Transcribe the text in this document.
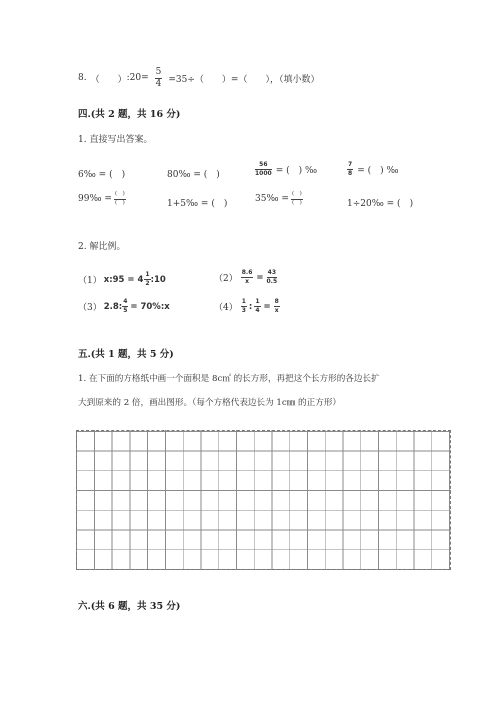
8. （　　） :20= $\frac{5}{4} =35\div$（　　）=（　　），（填小数）
四.(共 2 题，共 16 分)
1. 直接写出答案。
6‰ = (　)	80‰ = (　)	$\frac{56}{1000}$ = (　) ‰	$\frac{7}{8}$ = (　) ‰
99‰ = $\frac{( )}{( )}$	1+5‰ = (　)	35‰ = $\frac{( )}{( )}$	1÷20‰ = (　)
2. 解比例。
（1） x:95 = $4 \frac{1}{2}$ :10	$(2) \frac{8.6}{x} = \frac{43}{0.5}$
（3） 2.8: $\frac{4}{5}$ = 70%:x	$(4) \frac{1}{3}$ : $\frac{1}{4} = \frac{8}{x}$
五.(共 1 题，共 5 分)
1. 在下面的方格纸中画一个面积是 8c㎡ 的长方形，再把这个长方形的各边长扩
大到原来的 2 倍，画出图形。（每个方格代表边长为 1c㎜ 的正方形）
六.(共 6 题，共 35 分)
